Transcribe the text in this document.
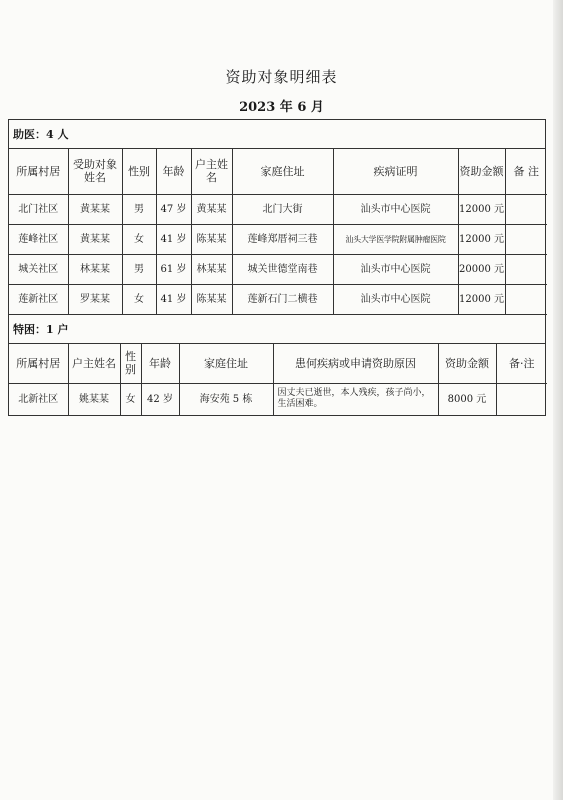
资助对象明细表
2023 年 6 月
助医：4 人
所属村居	受助对象姓名	性别	年龄	户主姓名	家庭住址	疾病证明	资助金额	备 注
北门社区	黄某某	男	47 岁	黄某某	北门大街	汕头市中心医院	12000 元	
莲峰社区	黄某某	女	41 岁	陈某某	莲峰郑厝祠三巷	汕头大学医学院附属肿瘤医院	12000 元	
城关社区	林某某	男	61 岁	林某某	城关世德堂南巷	汕头市中心医院	20000 元	
莲新社区	罗某某	女	41 岁	陈某某	莲新石门二横巷	汕头市中心医院	12000 元	
特困：1 户
所属村居	户主姓名	性别	年龄	家庭住址	患何疾病或申请资助原因	资助金额	备·注
北新社区	姚某某	女	42 岁	海安苑 5 栋	因丈夫已逝世，本人残疾，孩子尚小，生活困难。	8000 元	
